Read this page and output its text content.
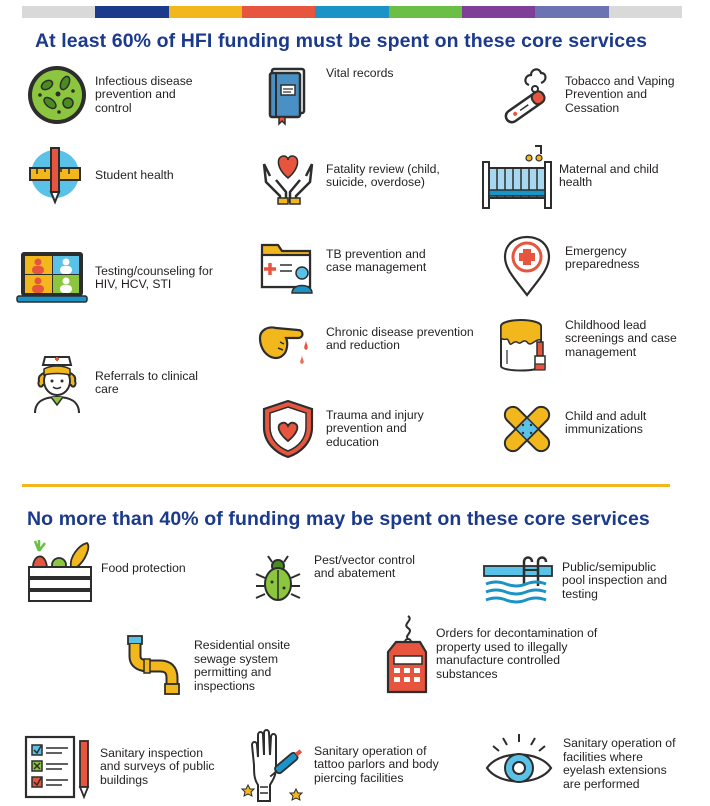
At least 60% of HFI funding must be spent on these core services
Infectious disease prevention and control
Vital records
Tobacco and Vaping Prevention and Cessation
Student health	Fatality review (child, suicide, overdose)
Maternal and child health
Testing/counseling for HIV, HCV, STI
TB prevention and case management
Emergency preparedness
Chronic disease prevention and reduction
Childhood lead screenings and case management
Referrals to clinical care
Trauma and injury prevention and education
Child and adult immunizations
No more than 40% of funding may be spent on these core services
Food protection
Pest/vector control and abatement	Public/semipublic pool inspection and testing
Residential onsite sewage system permitting and inspections
Orders for decontamination of property used to illegally manufacture controlled substances
Sanitary inspection and surveys of public buildings
Sanitary operation of tattoo parlors and body piercing facilities
Sanitary operation of facilities where eyelash extensions are performed
